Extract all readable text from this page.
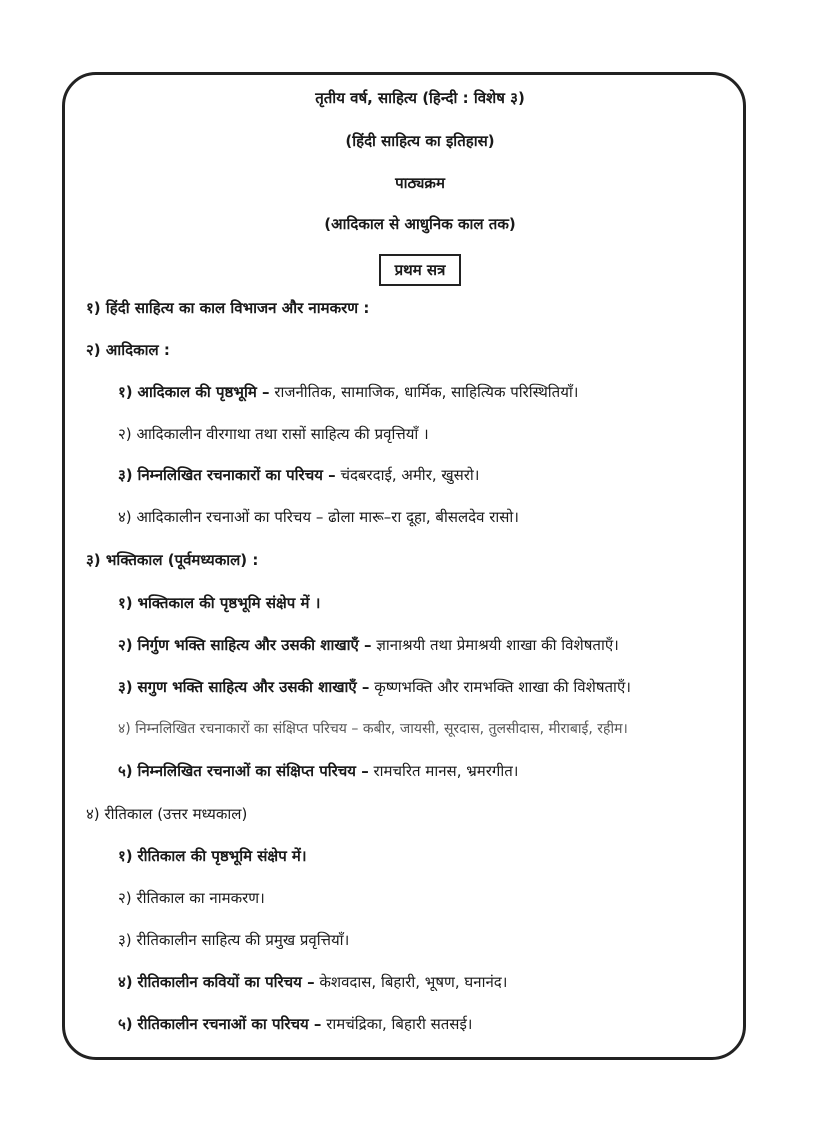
तृतीय वर्ष, साहित्य (हिन्दी : विशेष ३)
(हिंदी साहित्य का इतिहास)
पाठ्यक्रम
(आदिकाल से आधुनिक काल तक)
प्रथम सत्र
१) हिंदी साहित्य का काल विभाजन और नामकरण :
२) आदिकाल :
१) आदिकाल की पृष्ठभूमि – राजनीतिक, सामाजिक, धार्मिक, साहित्यिक परिस्थितियाँ।
२) आदिकालीन वीरगाथा तथा रासों साहित्य की प्रवृत्तियाँ ।
३) निम्नलिखित रचनाकारों का परिचय – चंदबरदाई, अमीर, खुसरो।
४) आदिकालीन रचनाओं का परिचय – ढोला मारू–रा दूहा, बीसलदेव रासो।
३) भक्तिकाल (पूर्वमध्यकाल) :
१) भक्तिकाल की पृष्ठभूमि संक्षेप में ।
२) निर्गुण भक्ति साहित्य और उसकी शाखाएँ – ज्ञानाश्रयी तथा प्रेमाश्रयी शाखा की विशेषताएँ।
३) सगुण भक्ति साहित्य और उसकी शाखाएँ – कृष्णभक्ति और रामभक्ति शाखा की विशेषताएँ।
४) निम्नलिखित रचनाकारों का संक्षिप्त परिचय – कबीर, जायसी, सूरदास, तुलसीदास, मीराबाई, रहीम।
५) निम्नलिखित रचनाओं का संक्षिप्त परिचय – रामचरित मानस, भ्रमरगीत।
४) रीतिकाल (उत्तर मध्यकाल)
१) रीतिकाल की पृष्ठभूमि संक्षेप में।
२) रीतिकाल का नामकरण।
३) रीतिकालीन साहित्य की प्रमुख प्रवृत्तियाँ।
४) रीतिकालीन कवियों का परिचय – केशवदास, बिहारी, भूषण, घनानंद।
५) रीतिकालीन रचनाओं का परिचय – रामचंद्रिका, बिहारी सतसई।
